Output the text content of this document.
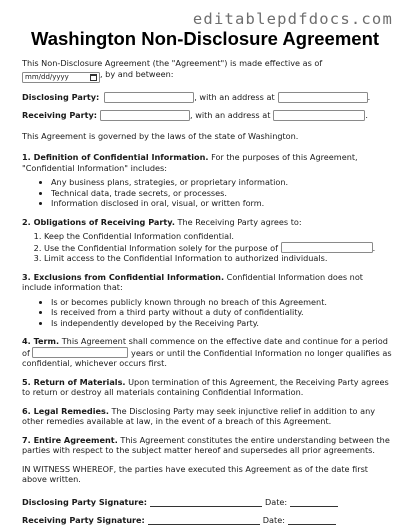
editablepdfdocs.com
Washington Non-Disclosure Agreement

This Non-Disclosure Agreement (the "Agreement") is made effective as of

mm/dd/yyyy	, by and between:

Disclosing Party:	, with an address at	.
Receiving Party:	, with an address at	.

This Agreement is governed by the laws of the state of Washington.

1. Definition of Confidential Information. For the purposes of this Agreement,

"Confidential Information" includes:

• Any business plans, strategies, or proprietary information.
• Technical data, trade secrets, or processes.
• Information disclosed in oral, visual, or written form.

2. Obligations of Receiving Party. The Receiving Party agrees to:

1. Keep the Confidential Information confidential.
2. Use the Confidential Information solely for the purpose of	.
3. Limit access to the Confidential Information to authorized individuals.

3. Exclusions from Confidential Information. Confidential Information does not

include information that:

• Is or becomes publicly known through no breach of this Agreement.
• Is received from a third party without a duty of confidentiality.
• Is independently developed by the Receiving Party.

4. Term. This Agreement shall commence on the effective date and continue for a period

of	years or until the Confidential Information no longer qualifies as

confidential, whichever occurs first.

5. Return of Materials. Upon termination of this Agreement, the Receiving Party agrees

to return or destroy all materials containing Confidential Information.

6. Legal Remedies. The Disclosing Party may seek injunctive relief in addition to any

other remedies available at law, in the event of a breach of this Agreement.

7. Entire Agreement. This Agreement constitutes the entire understanding between the

parties with respect to the subject matter hereof and supersedes all prior agreements.

IN WITNESS WHEREOF, the parties have executed this Agreement as of the date first

above written.

Disclosing Party Signature:	Date:
Receiving Party Signature:	Date:
